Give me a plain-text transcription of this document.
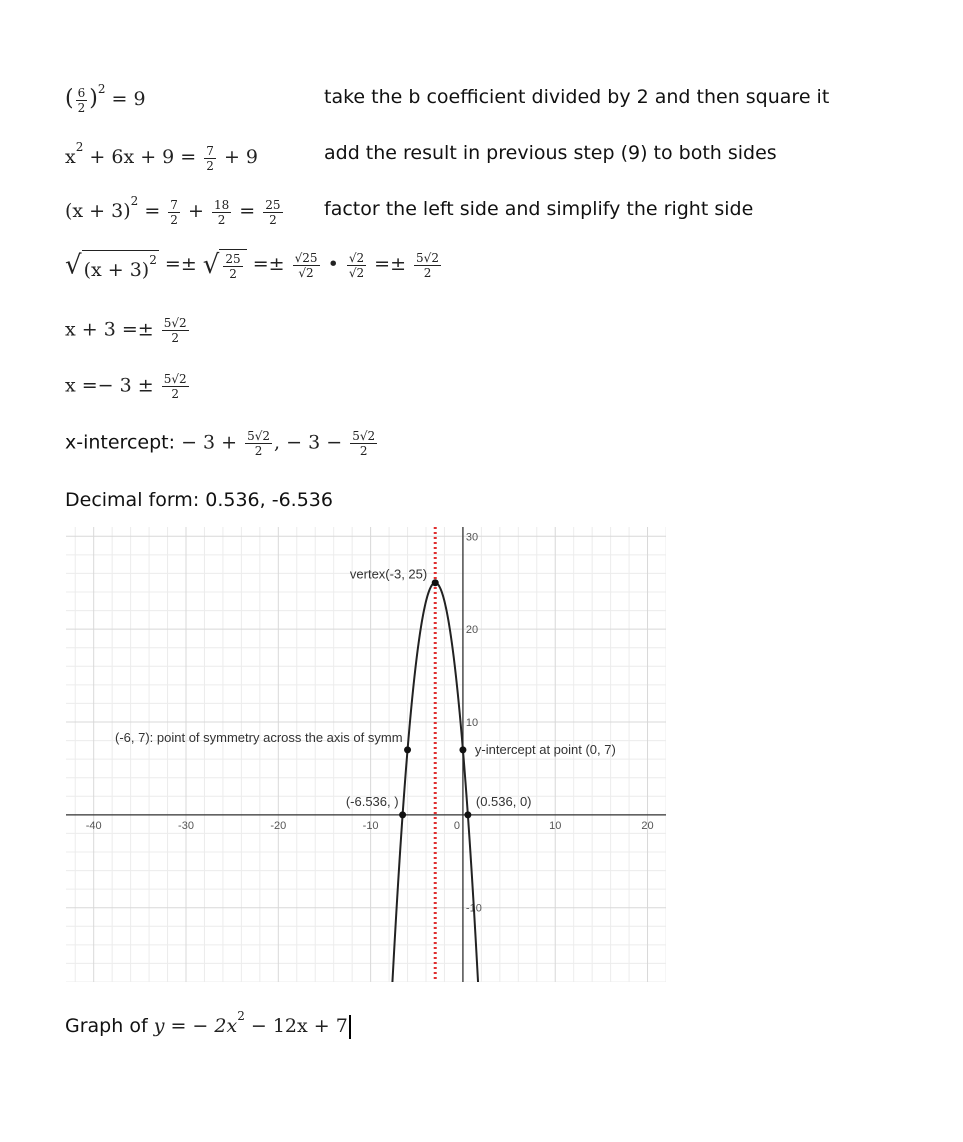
( $\frac{6}{2} )^2 = 9$	take the b coefficient divided by 2 and then square it
$x^2 + 6x + 9 = \frac{7}{2} + 9$	add the result in previous step (9) to both sides
$(x + 3)^2 = \frac{7}{2} + \frac{18}{2} = \frac{25}{2}$ factor the left side and simplify the right side
√ $(x + 3)^2$ =± √ $\frac{25}{2} =\pm \frac{√25}{√2}$ • $\frac{√2}{√2} =\pm \frac{5√2}{2}$
$x + 3 =\pm \frac{5√2}{2}$
$x =- 3 \pm \frac{5√2}{2}$
x-intercept: − $3 + \frac{5√2}{2}$ , − $3 - \frac{5√2}{2}$
Decimal form: 0.536, -6.536
-40	-30	-20	-10	0	10	20
-10
10
20
30
vertex(-3, 25)
(-6, 7): point of symmetry across the axis of symm
y-intercept at point (0, 7)
(-6.536, )	(0.536, 0)
Graph of y = − $2x^2 - 12x + 7$
